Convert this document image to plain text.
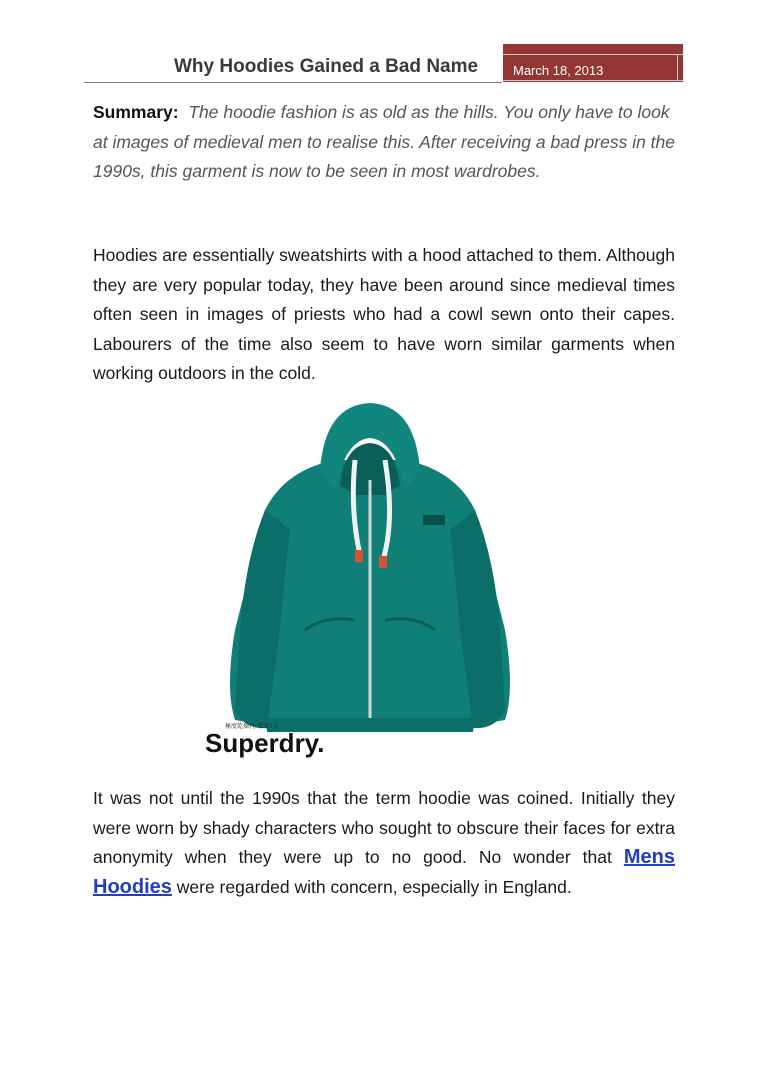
Why Hoodies Gained a Bad Name	March 18, 2013
Summary: The hoodie fashion is as old as the hills. You only have to look at images of medieval men to realise this. After receiving a bad press in the 1990s, this garment is now to be seen in most wardrobes.
Hoodies are essentially sweatshirts with a hood attached to them. Although they are very popular today, they have been around since medieval times often seen in images of priests who had a cowl sewn onto their capes. Labourers of the time also seem to have worn similar garments when working outdoors in the cold.
極度乾燥(しなさい)
Superdry.
It was not until the 1990s that the term hoodie was coined. Initially they were worn by shady characters who sought to obscure their faces for extra anonymity when they were up to no good. No wonder that Mens Hoodies were regarded with concern, especially in England.
